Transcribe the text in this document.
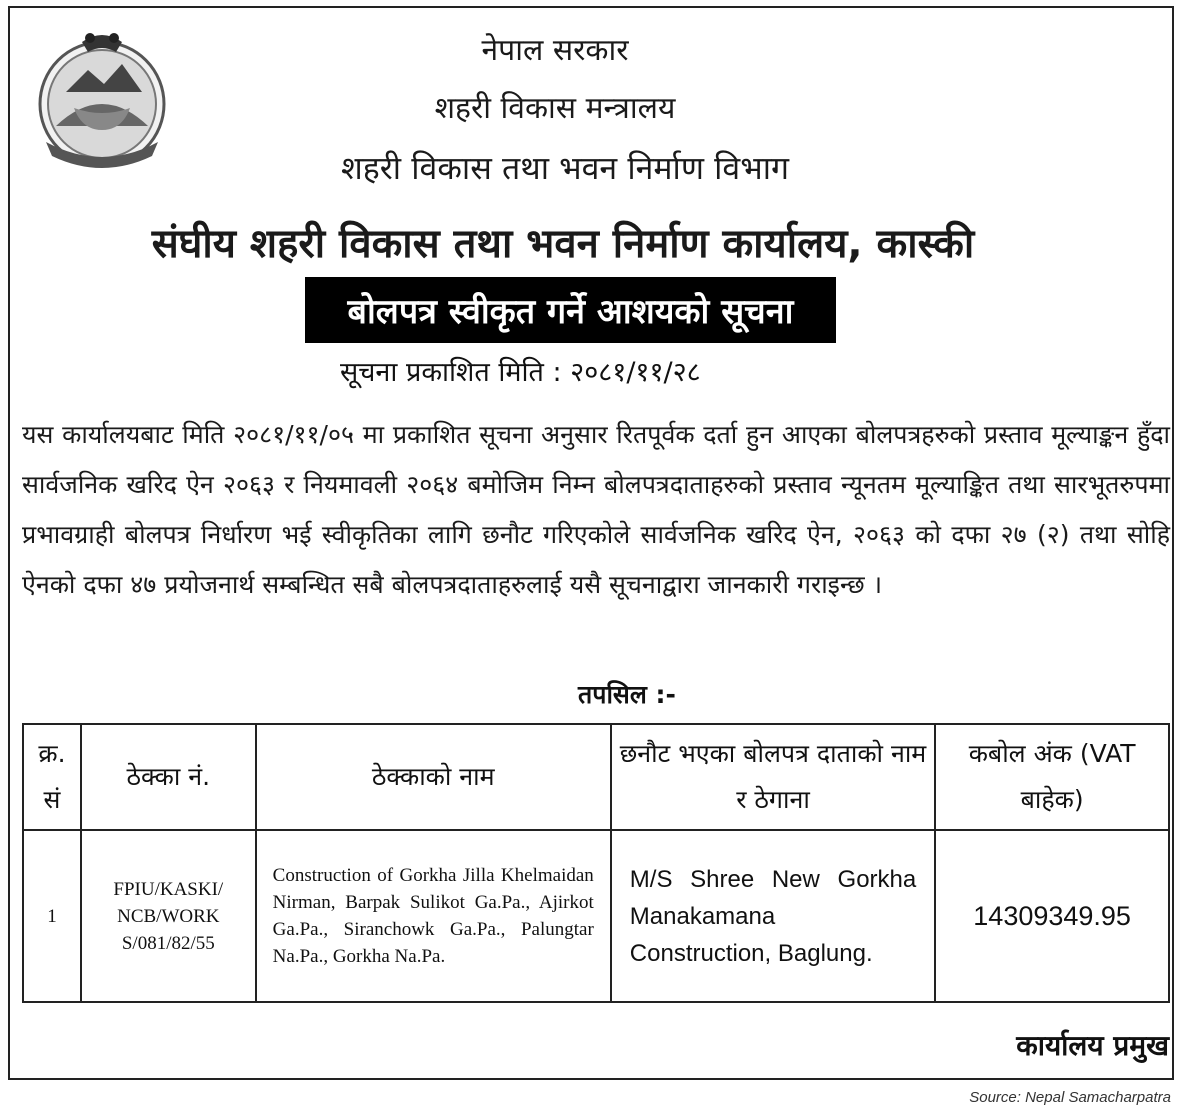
नेपाल सरकार
शहरी विकास मन्त्रालय
शहरी विकास तथा भवन निर्माण विभाग
संघीय शहरी विकास तथा भवन निर्माण कार्यालय, कास्की
बोलपत्र स्वीकृत गर्ने आशयको सूचना
सूचना प्रकाशित मिति : २०८१/११/२८
यस कार्यालयबाट मिति २०८१/११/०५ मा प्रकाशित सूचना अनुसार रितपूर्वक दर्ता हुन आएका बोलपत्रहरुको प्रस्ताव मूल्याङ्कन हुँदा सार्वजनिक खरिद ऐन २०६३ र नियमावली २०६४ बमोजिम निम्न बोलपत्रदाताहरुको प्रस्ताव न्यूनतम मूल्याङ्कित तथा सारभूतरुपमा प्रभावग्राही बोलपत्र निर्धारण भई स्वीकृतिका लागि छनौट गरिएकोले सार्वजनिक खरिद ऐन, २०६३ को दफा २७ (२) तथा सोहि ऐनको दफा ४७ प्रयोजनार्थ सम्बन्धित सबै बोलपत्रदाताहरुलाई यसै सूचनाद्वारा जानकारी गराइन्छ ।
तपसिल :-
क्र. सं	ठेक्का नं.	ठेक्काको नाम	छनौट भएका बोलपत्र दाताको नाम र ठेगाना	कबोल अंक (VAT बाहेक)
1	FPIU/KASKI/ NCB/WORK S/081/82/55	Construction of Gorkha Jilla Khelmaidan Nirman, Barpak Sulikot Ga.Pa., Ajirkot Ga.Pa., Siranchowk Ga.Pa., Palungtar Na.Pa., Gorkha Na.Pa.	M/S Shree New Gorkha Manakamana Construction, Baglung.	14309349.95
कार्यालय प्रमुख
Source: Nepal Samacharpatra
